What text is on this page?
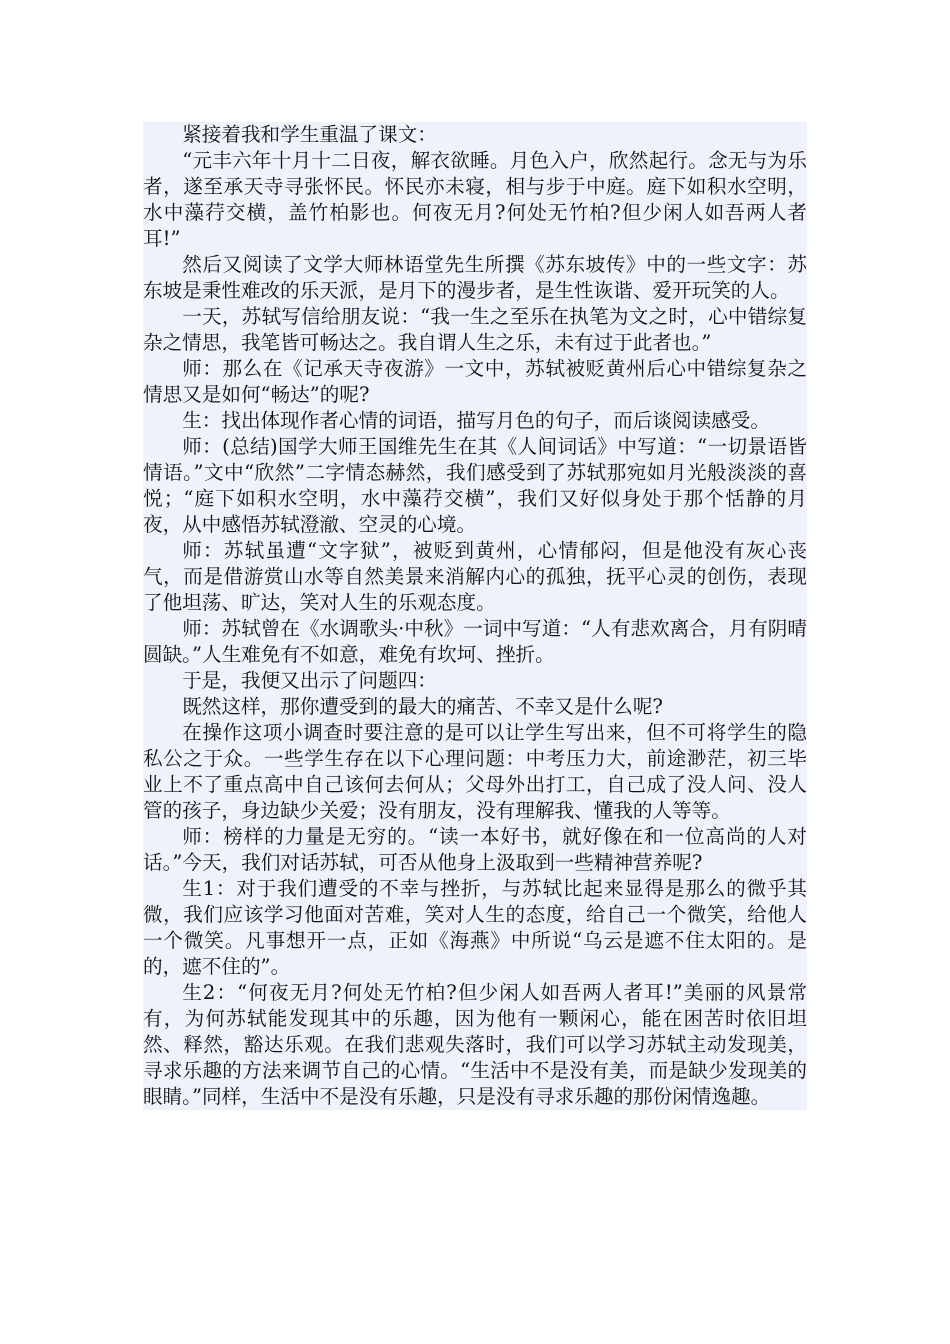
紧接着我和学生重温了课文：

“元丰六年十月十二日夜，解衣欲睡。月色入户，欣然起行。念无与为乐者，遂至承天寺寻张怀民。怀民亦未寝，相与步于中庭。庭下如积水空明，水中藻荇交横，盖竹柏影也。何夜无月?何处无竹柏?但少闲人如吾两人者耳!”

然后又阅读了文学大师林语堂先生所撰《苏东坡传》中的一些文字：苏东坡是秉性难改的乐天派，是月下的漫步者，是生性诙谐、爱开玩笑的人。

一天，苏轼写信给朋友说：“我一生之至乐在执笔为文之时，心中错综复杂之情思，我笔皆可畅达之。我自谓人生之乐，未有过于此者也。”

师：那么在《记承天寺夜游》一文中，苏轼被贬黄州后心中错综复杂之情思又是如何“畅达”的呢?

生：找出体现作者心情的词语，描写月色的句子，而后谈阅读感受。

师：(总结)国学大师王国维先生在其《人间词话》中写道：“一切景语皆情语。”文中“欣然”二字情态赫然，我们感受到了苏轼那宛如月光般淡淡的喜悦；“庭下如积水空明，水中藻荇交横”，我们又好似身处于那个恬静的月夜，从中感悟苏轼澄澈、空灵的心境。

师：苏轼虽遭“文字狱”，被贬到黄州，心情郁闷，但是他没有灰心丧气，而是借游赏山水等自然美景来消解内心的孤独，抚平心灵的创伤，表现了他坦荡、旷达，笑对人生的乐观态度。

师：苏轼曾在《水调歌头·中秋》一词中写道：“人有悲欢离合，月有阴晴圆缺。”人生难免有不如意，难免有坎坷、挫折。

于是，我便又出示了问题四：

既然这样，那你遭受到的最大的痛苦、不幸又是什么呢?

在操作这项小调查时要注意的是可以让学生写出来，但不可将学生的隐私公之于众。一些学生存在以下心理问题：中考压力大，前途渺茫，初三毕业上不了重点高中自己该何去何从；父母外出打工，自己成了没人问、没人管的孩子，身边缺少关爱；没有朋友，没有理解我、懂我的人等等。

师：榜样的力量是无穷的。“读一本好书，就好像在和一位高尚的人对话。”今天，我们对话苏轼，可否从他身上汲取到一些精神营养呢?

生1：对于我们遭受的不幸与挫折，与苏轼比起来显得是那么的微乎其微，我们应该学习他面对苦难，笑对人生的态度，给自己一个微笑，给他人一个微笑。凡事想开一点，正如《海燕》中所说“乌云是遮不住太阳的。是的，遮不住的”。

生2：“何夜无月?何处无竹柏?但少闲人如吾两人者耳!”美丽的风景常有，为何苏轼能发现其中的乐趣，因为他有一颗闲心，能在困苦时依旧坦然、释然，豁达乐观。在我们悲观失落时，我们可以学习苏轼主动发现美，寻求乐趣的方法来调节自己的心情。“生活中不是没有美，而是缺少发现美的眼睛。”同样，生活中不是没有乐趣，只是没有寻求乐趣的那份闲情逸趣。
